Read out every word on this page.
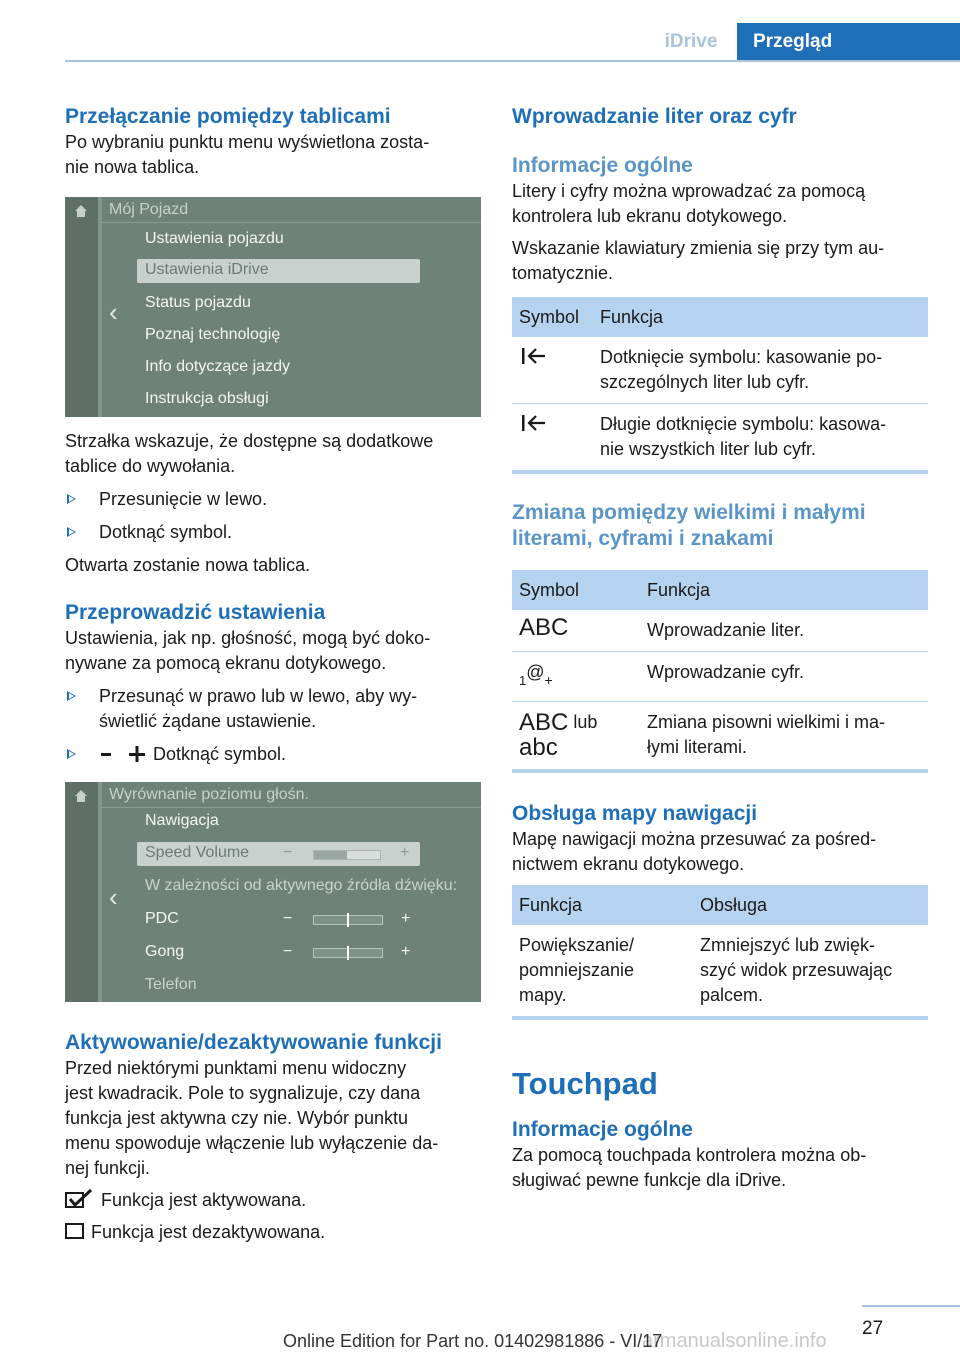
iDrive	Przegląd
Przełączanie pomiędzy tablicami

Po wybraniu punktu menu wyświetlona zosta-
nie nowa tablica.

Mój Pojazd
‹
Ustawienia pojazdu
Ustawienia iDrive
Status pojazdu
Poznaj technologię
Info dotyczące jazdy
Instrukcja obsługi

Strzałka wskazuje, że dostępne są dodatkowe
tablice do wywołania.

Przesunięcie w lewo.
Dotknąć symbol.

Otwarta zostanie nowa tablica.

Przeprowadzić ustawienia

Ustawienia, jak np. głośność, mogą być doko-
nywane za pomocą ekranu dotykowego.

Przesunąć w prawo lub w lewo, aby wy-
świetlić żądane ustawienie.
Dotknąć symbol.
Wyrównanie poziomu głośn.
‹
Nawigacja
Speed Volume −	+
W zależności od aktywnego źródła dźwięku:
PDC	−	+
Gong	−	+
Telefon
Aktywowanie/dezaktywowanie funkcji

Przed niektórymi punktami menu widoczny
jest kwadracik. Pole to sygnalizuje, czy dana
funkcja jest aktywna czy nie. Wybór punktu
menu spowoduje włączenie lub wyłączenie da-
nej funkcji.

Funkcja jest aktywowana.

Funkcja jest dezaktywowana.

Wprowadzanie liter oraz cyfr
Informacje ogólne

Litery i cyfry można wprowadzać za pomocą
kontrolera lub ekranu dotykowego.

Wskazanie klawiatury zmienia się przy tym au-
tomatycznie.

Symbol	Funkcja
	Dotknięcie symbolu: kasowanie po-
szczególnych liter lub cyfr.
	Długie dotknięcie symbolu: kasowa-
nie wszystkich liter lub cyfr.
Zmiana pomiędzy wielkimi i małymi
literami, cyframi i znakami
Symbol	Funkcja
ABC	Wprowadzanie liter.
1@+	Wprowadzanie cyfr.
ABC lub
abc	Zmiana pisowni wielkimi i ma-
łymi literami.
Obsługa mapy nawigacji

Mapę nawigacji można przesuwać za pośred-
nictwem ekranu dotykowego.

Funkcja	Obsługa
Powiększanie/
pomniejszanie
mapy.	Zmniejszyć lub zwięk-
szyć widok przesuwając
palcem.
Touchpad
Informacje ogólne

Za pomocą touchpada kontrolera można ob-
sługiwać pewne funkcje dla iDrive.

27
armanualsonline.info
Online Edition for Part no. 01402981886 - VI/17
